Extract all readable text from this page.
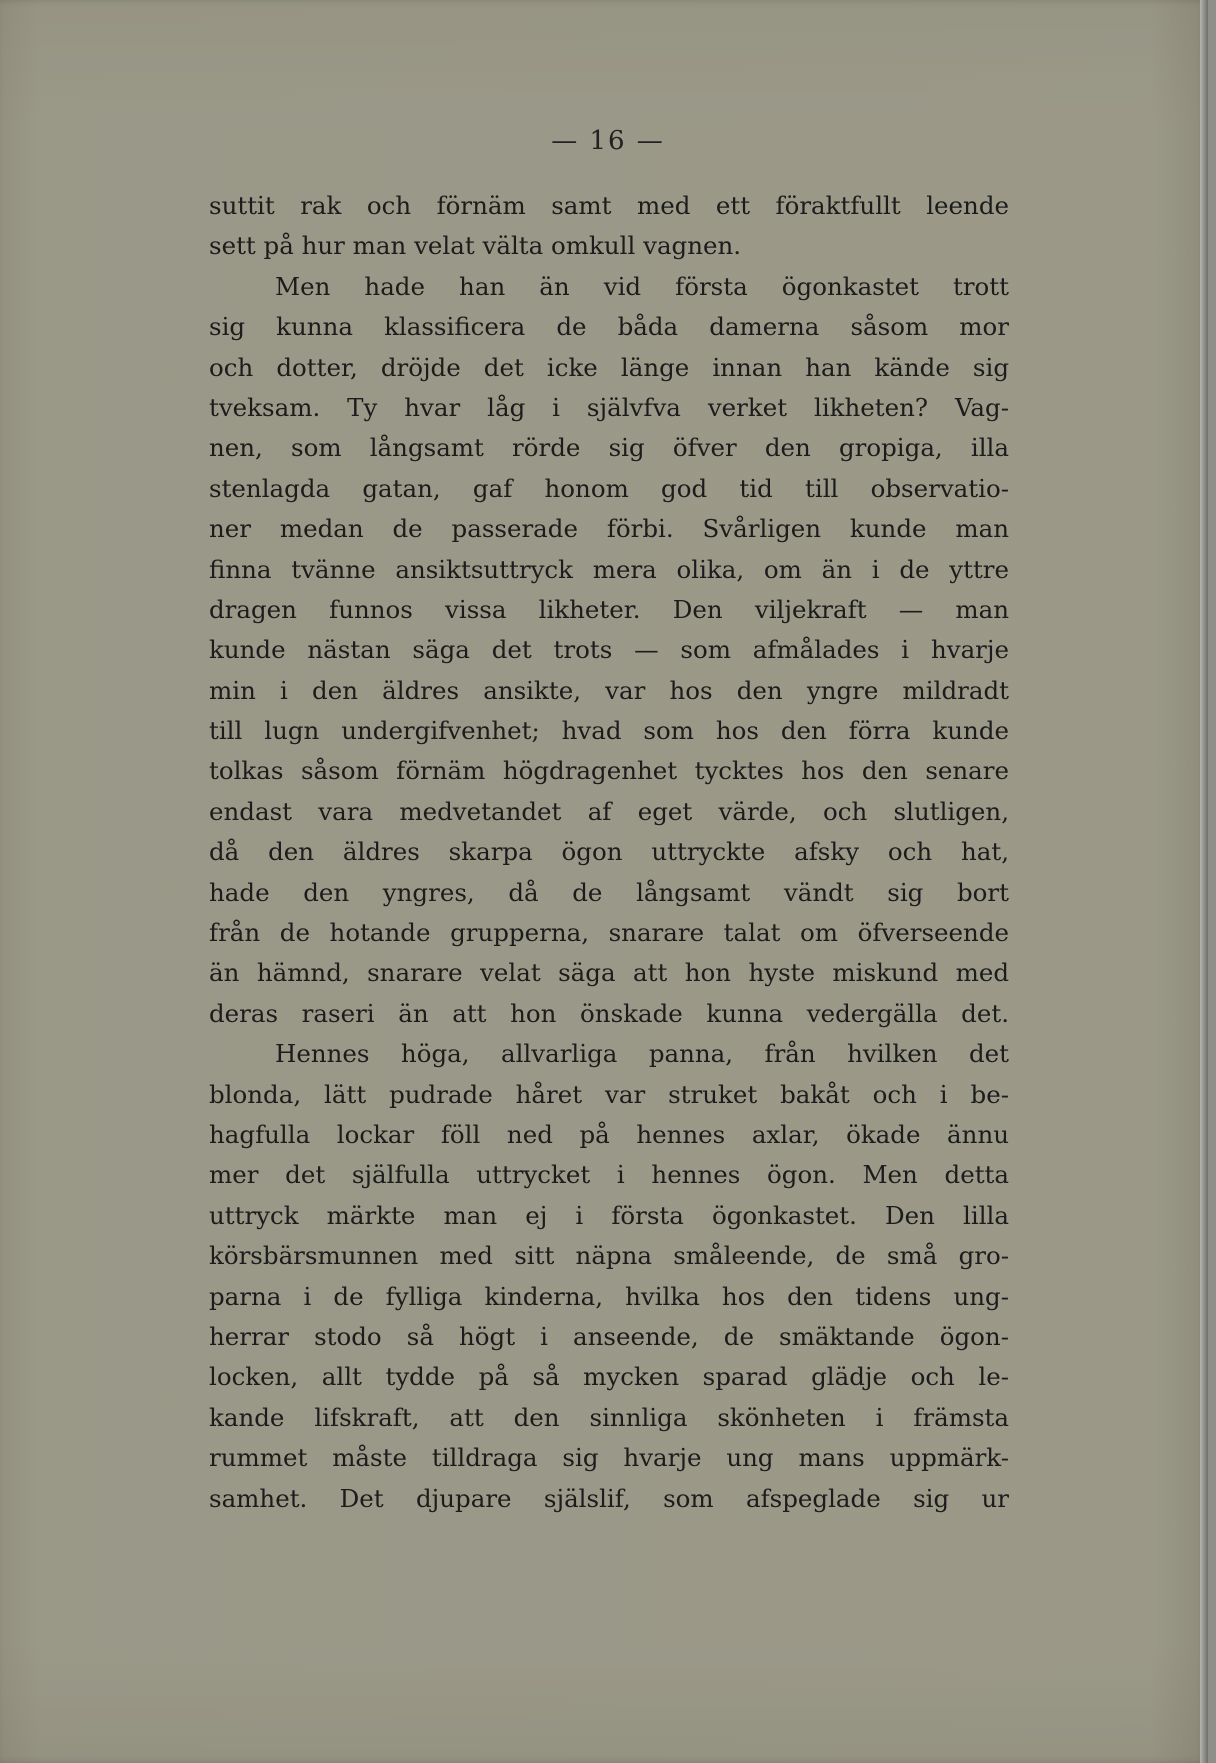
— 16 —
suttit rak och förnäm samt med ett föraktfullt leende
sett på hur man velat välta omkull vagnen.
Men hade han än vid första ögonkastet trott
sig kunna klassificera de båda damerna såsom mor
och dotter, dröjde det icke länge innan han kände sig
tveksam. Ty hvar låg i självfva verket likheten? Vag-
nen, som långsamt rörde sig öfver den gropiga, illa
stenlagda gatan, gaf honom god tid till observatio-
ner medan de passerade förbi. Svårligen kunde man
finna tvänne ansiktsuttryck mera olika, om än i de yttre
dragen funnos vissa likheter. Den viljekraft — man
kunde nästan säga det trots — som afmålades i hvarje
min i den äldres ansikte, var hos den yngre mildradt
till lugn undergifvenhet; hvad som hos den förra kunde
tolkas såsom förnäm högdragenhet tycktes hos den senare
endast vara medvetandet af eget värde, och slutligen,
då den äldres skarpa ögon uttryckte afsky och hat,
hade den yngres, då de långsamt vändt sig bort
från de hotande grupperna, snarare talat om öfverseende
än hämnd, snarare velat säga att hon hyste miskund med
deras raseri än att hon önskade kunna vedergälla det.
Hennes höga, allvarliga panna, från hvilken det
blonda, lätt pudrade håret var struket bakåt och i be-
hagfulla lockar föll ned på hennes axlar, ökade ännu
mer det själfulla uttrycket i hennes ögon. Men detta
uttryck märkte man ej i första ögonkastet. Den lilla
körsbärsmunnen med sitt näpna småleende, de små gro-
parna i de fylliga kinderna, hvilka hos den tidens ung-
herrar stodo så högt i anseende, de smäktande ögon-
locken, allt tydde på så mycken sparad glädje och le-
kande lifskraft, att den sinnliga skönheten i främsta
rummet måste tilldraga sig hvarje ung mans uppmärk-
samhet. Det djupare själslif, som afspeglade sig ur
